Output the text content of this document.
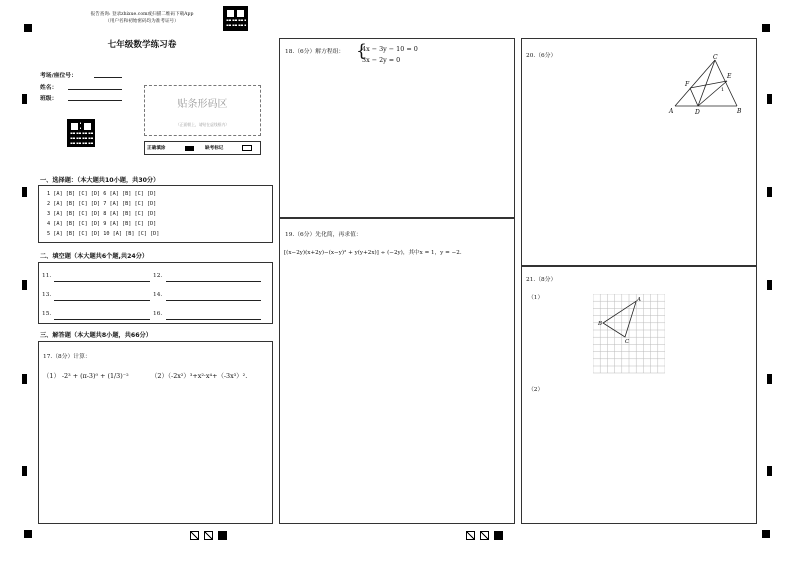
报告查询: 登录zhixue.com或扫描二维码下载App
（用户名和初始密码均为准考证号）
七年级数学练习卷
考场/座位号：
姓名：
班级：	贴条形码区
（正面朝上，请贴在虚线框内）
正确填涂	缺考标记
一、选择题：（本大题共10小题，共30分）
1 [A] [B] [C] [D] 6 [A] [B] [C] [D]
2 [A] [B] [C] [D] 7 [A] [B] [C] [D]
3 [A] [B] [C] [D] 8 [A] [B] [C] [D]
4 [A] [B] [C] [D] 9 [A] [B] [C] [D]
5 [A] [B] [C] [D] 10 [A] [B] [C] [D]
二、填空题（本大题共6个题,共24分）
11.	12.
13.	14.
15.	16.
三、解答题（本大题共8小题，共66分）
17.（8分）计算：
（1） -2³ + (π-3)⁰ + (1/3)⁻²	（2）（-2x²）³+x²·x⁴+（-3x³）².
18.（6分）解方程组： {
4x − 3y − 10 = 0
3x − 2y = 0
19.（6分）先化简，再求值：
[(x−2y)(x+2y)−(x−y)² + y(y+2x)] ÷ (−2y)，其中x = 1，y = −2.
20.（6分）
A	B
C
D
E
F
1
21.（8分）
（1）
（2）
A
B
C
